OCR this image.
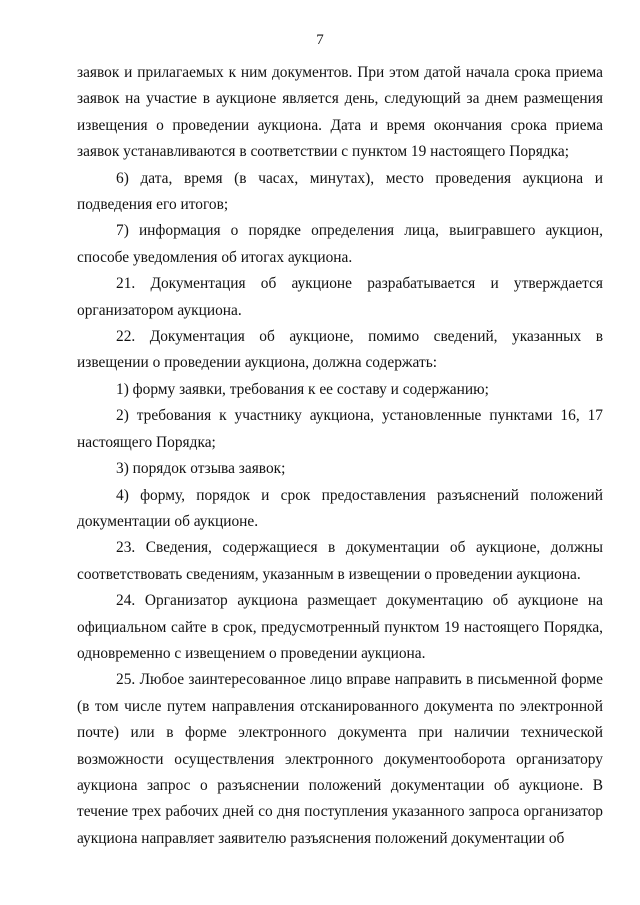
7

заявок и прилагаемых к ним документов. При этом датой начала срока приема заявок на участие в аукционе является день, следующий за днем размещения извещения о проведении аукциона. Дата и время окончания срока приема заявок устанавливаются в соответствии с пунктом 19 настоящего Порядка;

6) дата, время (в часах, минутах), место проведения аукциона и подведения его итогов;

7) информация о порядке определения лица, выигравшего аукцион, способе уведомления об итогах аукциона.

21. Документация об аукционе разрабатывается и утверждается организатором аукциона.

22. Документация об аукционе, помимо сведений, указанных в извещении о проведении аукциона, должна содержать:

1) форму заявки, требования к ее составу и содержанию;

2) требования к участнику аукциона, установленные пунктами 16, 17 настоящего Порядка;

3) порядок отзыва заявок;

4) форму, порядок и срок предоставления разъяснений положений документации об аукционе.

23. Сведения, содержащиеся в документации об аукционе, должны соответствовать сведениям, указанным в извещении о проведении аукциона.

24. Организатор аукциона размещает документацию об аукционе на официальном сайте в срок, предусмотренный пунктом 19 настоящего Порядка, одновременно с извещением о проведении аукциона.

25. Любое заинтересованное лицо вправе направить в письменной форме (в том числе путем направления отсканированного документа по электронной почте) или в форме электронного документа при наличии технической возможности осуществления электронного документооборота организатору аукциона запрос о разъяснении положений документации об аукционе. В течение трех рабочих дней со дня поступления указанного запроса организатор аукциона направляет заявителю разъяснения положений документации об
